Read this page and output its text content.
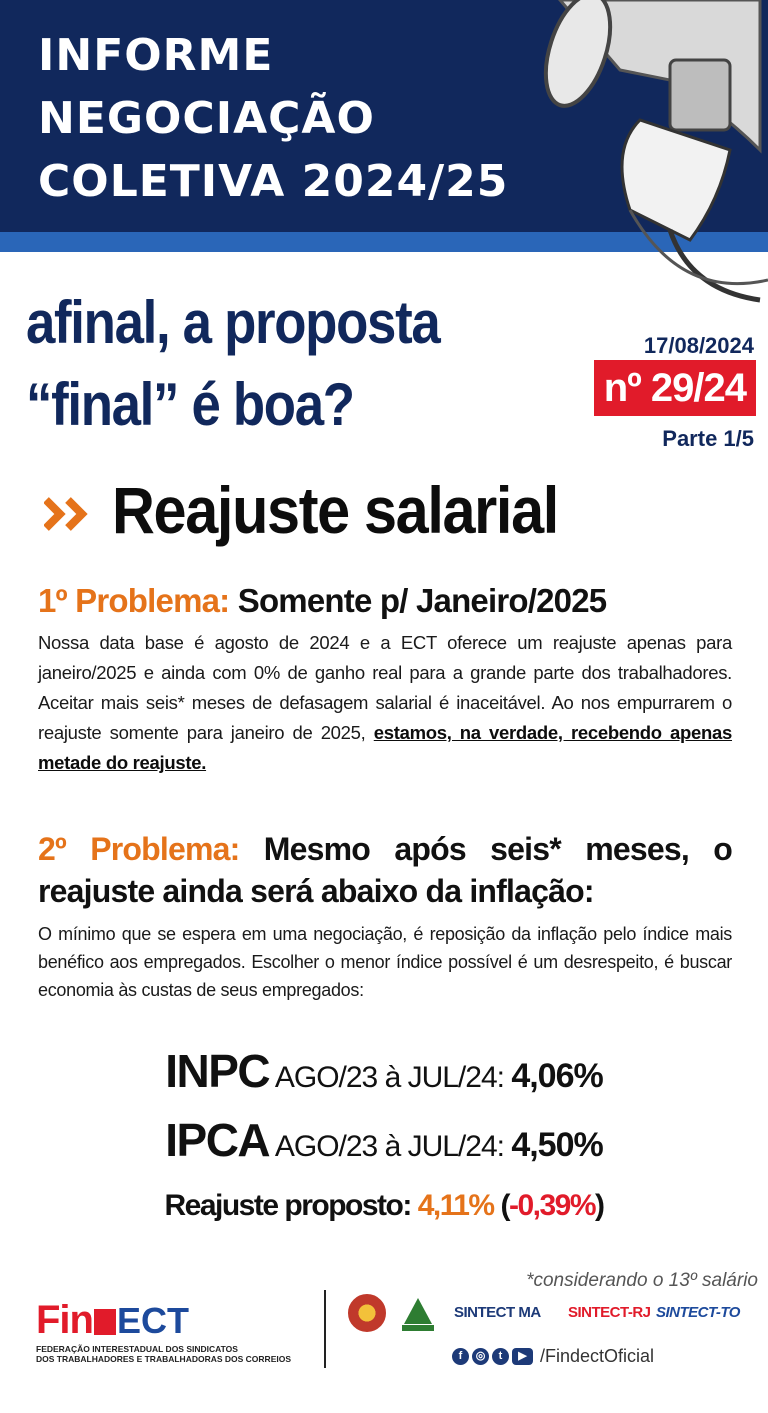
INFORME
NEGOCIAÇÃO
COLETIVA 2024/25
afinal, a proposta
“final” é boa?
17/08/2024
nº 29/24
Parte 1/5
Reajuste salarial

1º Problema: Somente p/ Janeiro/2025

Nossa data base é agosto de 2024 e a ECT oferece um reajuste apenas para janeiro/2025 e ainda com 0% de ganho real para a grande parte dos trabalhadores. Aceitar mais seis* meses de defasagem salarial é inaceitável. Ao nos empurrarem o reajuste somente para janeiro de 2025, estamos, na verdade, recebendo apenas metade do reajuste.

2º Problema: Mesmo após seis* meses, o reajuste ainda será abaixo da inflação:

O mínimo que se espera em uma negociação, é reposição da inflação pelo índice mais benéfico aos empregados. Escolher o menor índice possível é um desrespeito, é buscar economia às custas de seus empregados:

INPC AGO/23 à JUL/24: 4,06%

IPCA AGO/23 à JUL/24: 4,50%

Reajuste proposto: 4,11% (-0,39%)

*considerando o 13º salário
Fin ECT
FEDERAÇÃO INTERESTADUAL DOS SINDICATOS
DOS TRABALHADORES E TRABALHADORAS DOS CORREIOS
SINTECT MA SINTECT-RJ SINTECT-TO
f ◎ t ▶ /FindectOficial
